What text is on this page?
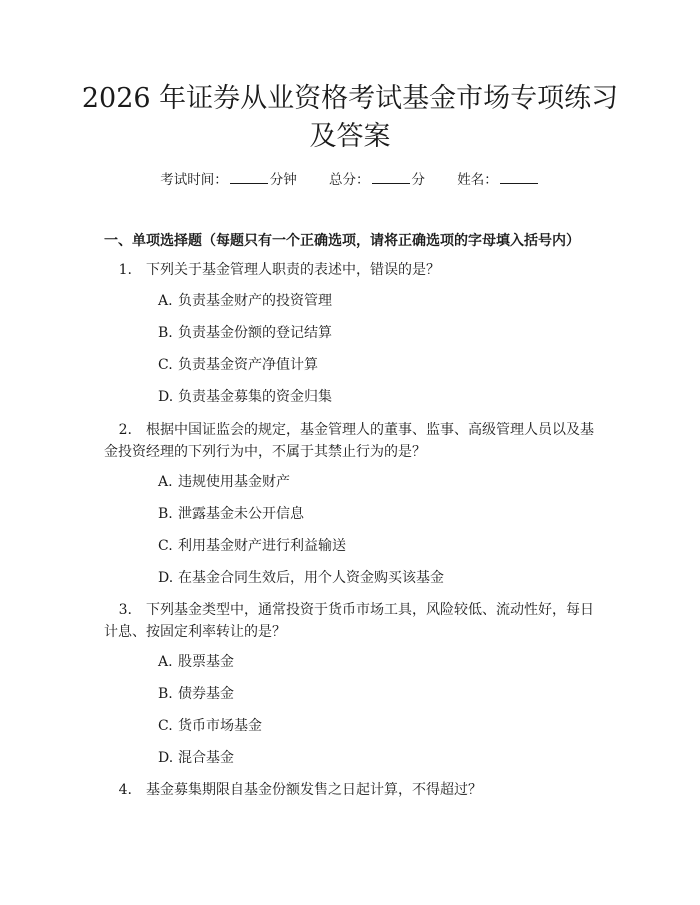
2026 年证券从业资格考试基金市场专项练习
及答案
考试时间：	分钟 总分：	分 姓名：
一、单项选择题（每题只有一个正确选项，请将正确选项的字母填入括号内）

1. 下列关于基金管理人职责的表述中，错误的是？

A. 负责基金财产的投资管理
B. 负责基金份额的登记结算
C. 负责基金资产净值计算
D. 负责基金募集的资金归集

2. 根据中国证监会的规定，基金管理人的董事、监事、高级管理人员以及基
金投资经理的下列行为中，不属于其禁止行为的是？

A. 违规使用基金财产
B. 泄露基金未公开信息
C. 利用基金财产进行利益输送
D. 在基金合同生效后，用个人资金购买该基金

3. 下列基金类型中，通常投资于货币市场工具，风险较低、流动性好，每日
计息、按固定利率转让的是？

A. 股票基金
B. 债券基金
C. 货币市场基金
D. 混合基金

4. 基金募集期限自基金份额发售之日起计算，不得超过？
